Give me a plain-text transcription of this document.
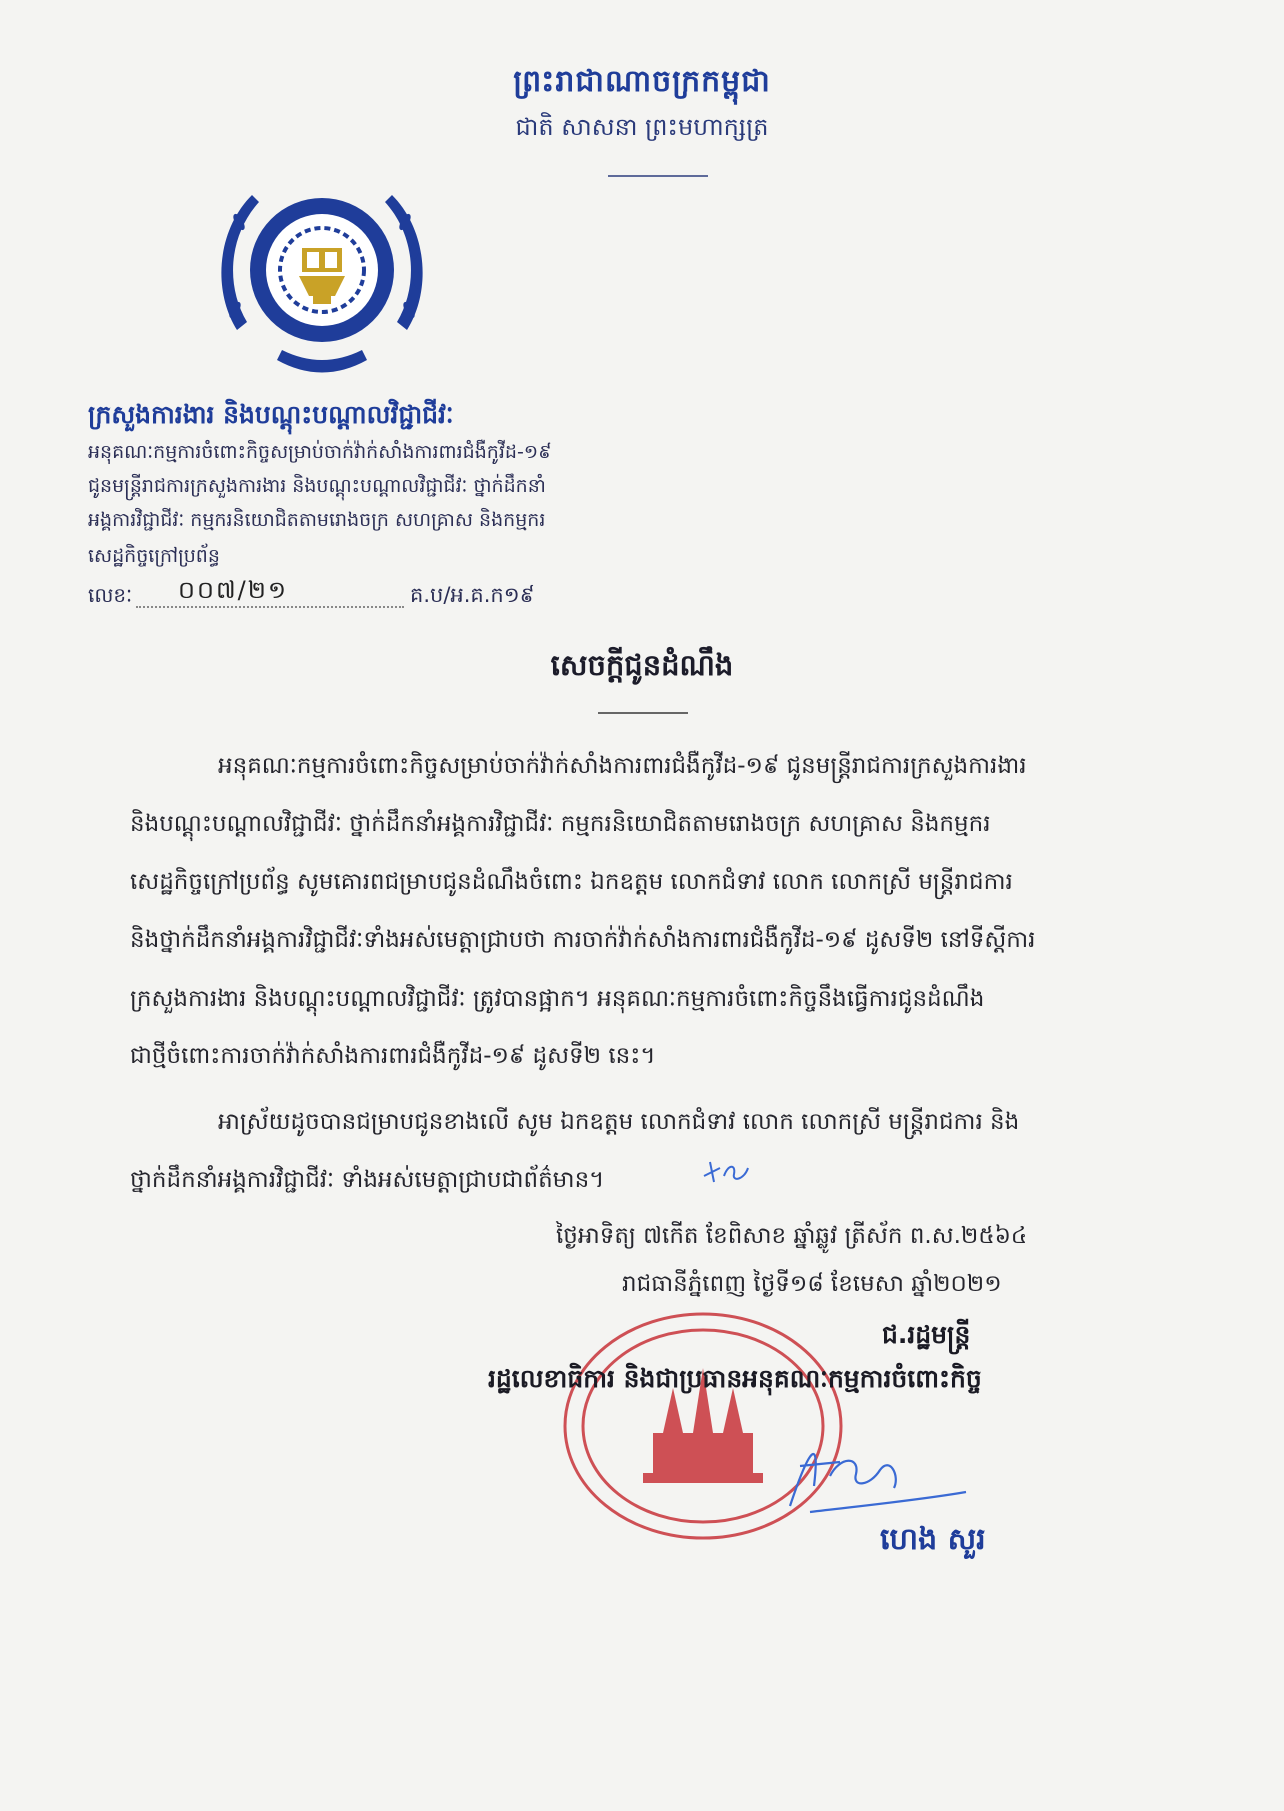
ព្រះរាជាណាចក្រកម្ពុជា
ជាតិ សាសនា ព្រះមហាក្សត្រ
ក្រសួងការងារ និងបណ្តុះបណ្តាលវិជ្ជាជីវៈ
អនុគណៈកម្មការចំពោះកិច្ចសម្រាប់ចាក់វ៉ាក់សាំងការពារជំងឺកូវីដ-១៩
ជូនមន្ត្រីរាជការក្រសួងការងារ និងបណ្តុះបណ្តាលវិជ្ជាជីវៈ ថ្នាក់ដឹកនាំ
អង្គការវិជ្ជាជីវៈ កម្មករនិយោជិតតាមរោងចក្រ សហគ្រាស និងកម្មករ
សេដ្ឋកិច្ចក្រៅប្រព័ន្ធ
លេខៈ ០០៧/២១	គ.ប/អ.គ.ក១៩
សេចក្តីជូនដំណឹង
អនុគណៈកម្មការចំពោះកិច្ចសម្រាប់ចាក់វ៉ាក់សាំងការពារជំងឺកូវីដ-១៩ ជូនមន្ត្រីរាជការក្រសួងការងារ
និងបណ្តុះបណ្តាលវិជ្ជាជីវៈ ថ្នាក់ដឹកនាំអង្គការវិជ្ជាជីវៈ កម្មករនិយោជិតតាមរោងចក្រ សហគ្រាស និងកម្មករ
សេដ្ឋកិច្ចក្រៅប្រព័ន្ធ សូមគោរពជម្រាបជូនដំណឹងចំពោះ ឯកឧត្តម លោកជំទាវ លោក លោកស្រី មន្ត្រីរាជការ
និងថ្នាក់ដឹកនាំអង្គការវិជ្ជាជីវៈទាំងអស់មេត្តាជ្រាបថា ការចាក់វ៉ាក់សាំងការពារជំងឺកូវីដ-១៩ ដូសទី២ នៅទីស្តីការ
ក្រសួងការងារ និងបណ្តុះបណ្តាលវិជ្ជាជីវៈ ត្រូវបានផ្អាក។ អនុគណៈកម្មការចំពោះកិច្ចនឹងធ្វើការជូនដំណឹង
ជាថ្មីចំពោះការចាក់វ៉ាក់សាំងការពារជំងឺកូវីដ-១៩ ដូសទី២ នេះ។
អាស្រ័យដូចបានជម្រាបជូនខាងលើ សូម ឯកឧត្តម លោកជំទាវ លោក លោកស្រី មន្ត្រីរាជការ និង
ថ្នាក់ដឹកនាំអង្គការវិជ្ជាជីវៈ ទាំងអស់មេត្តាជ្រាបជាព័ត៌មាន។
ថ្ងៃអាទិត្យ ៧កើត ខែពិសាខ ឆ្នាំឆ្លូវ ត្រីស័ក ព.ស.២៥៦៤
រាជធានីភ្នំពេញ ថ្ងៃទី១៨ ខែមេសា ឆ្នាំ២០២១
ជ.រដ្ឋមន្ត្រី
រដ្ឋលេខាធិការ និងជាប្រធានអនុគណៈកម្មការចំពោះកិច្ច
ហេង សួរ
